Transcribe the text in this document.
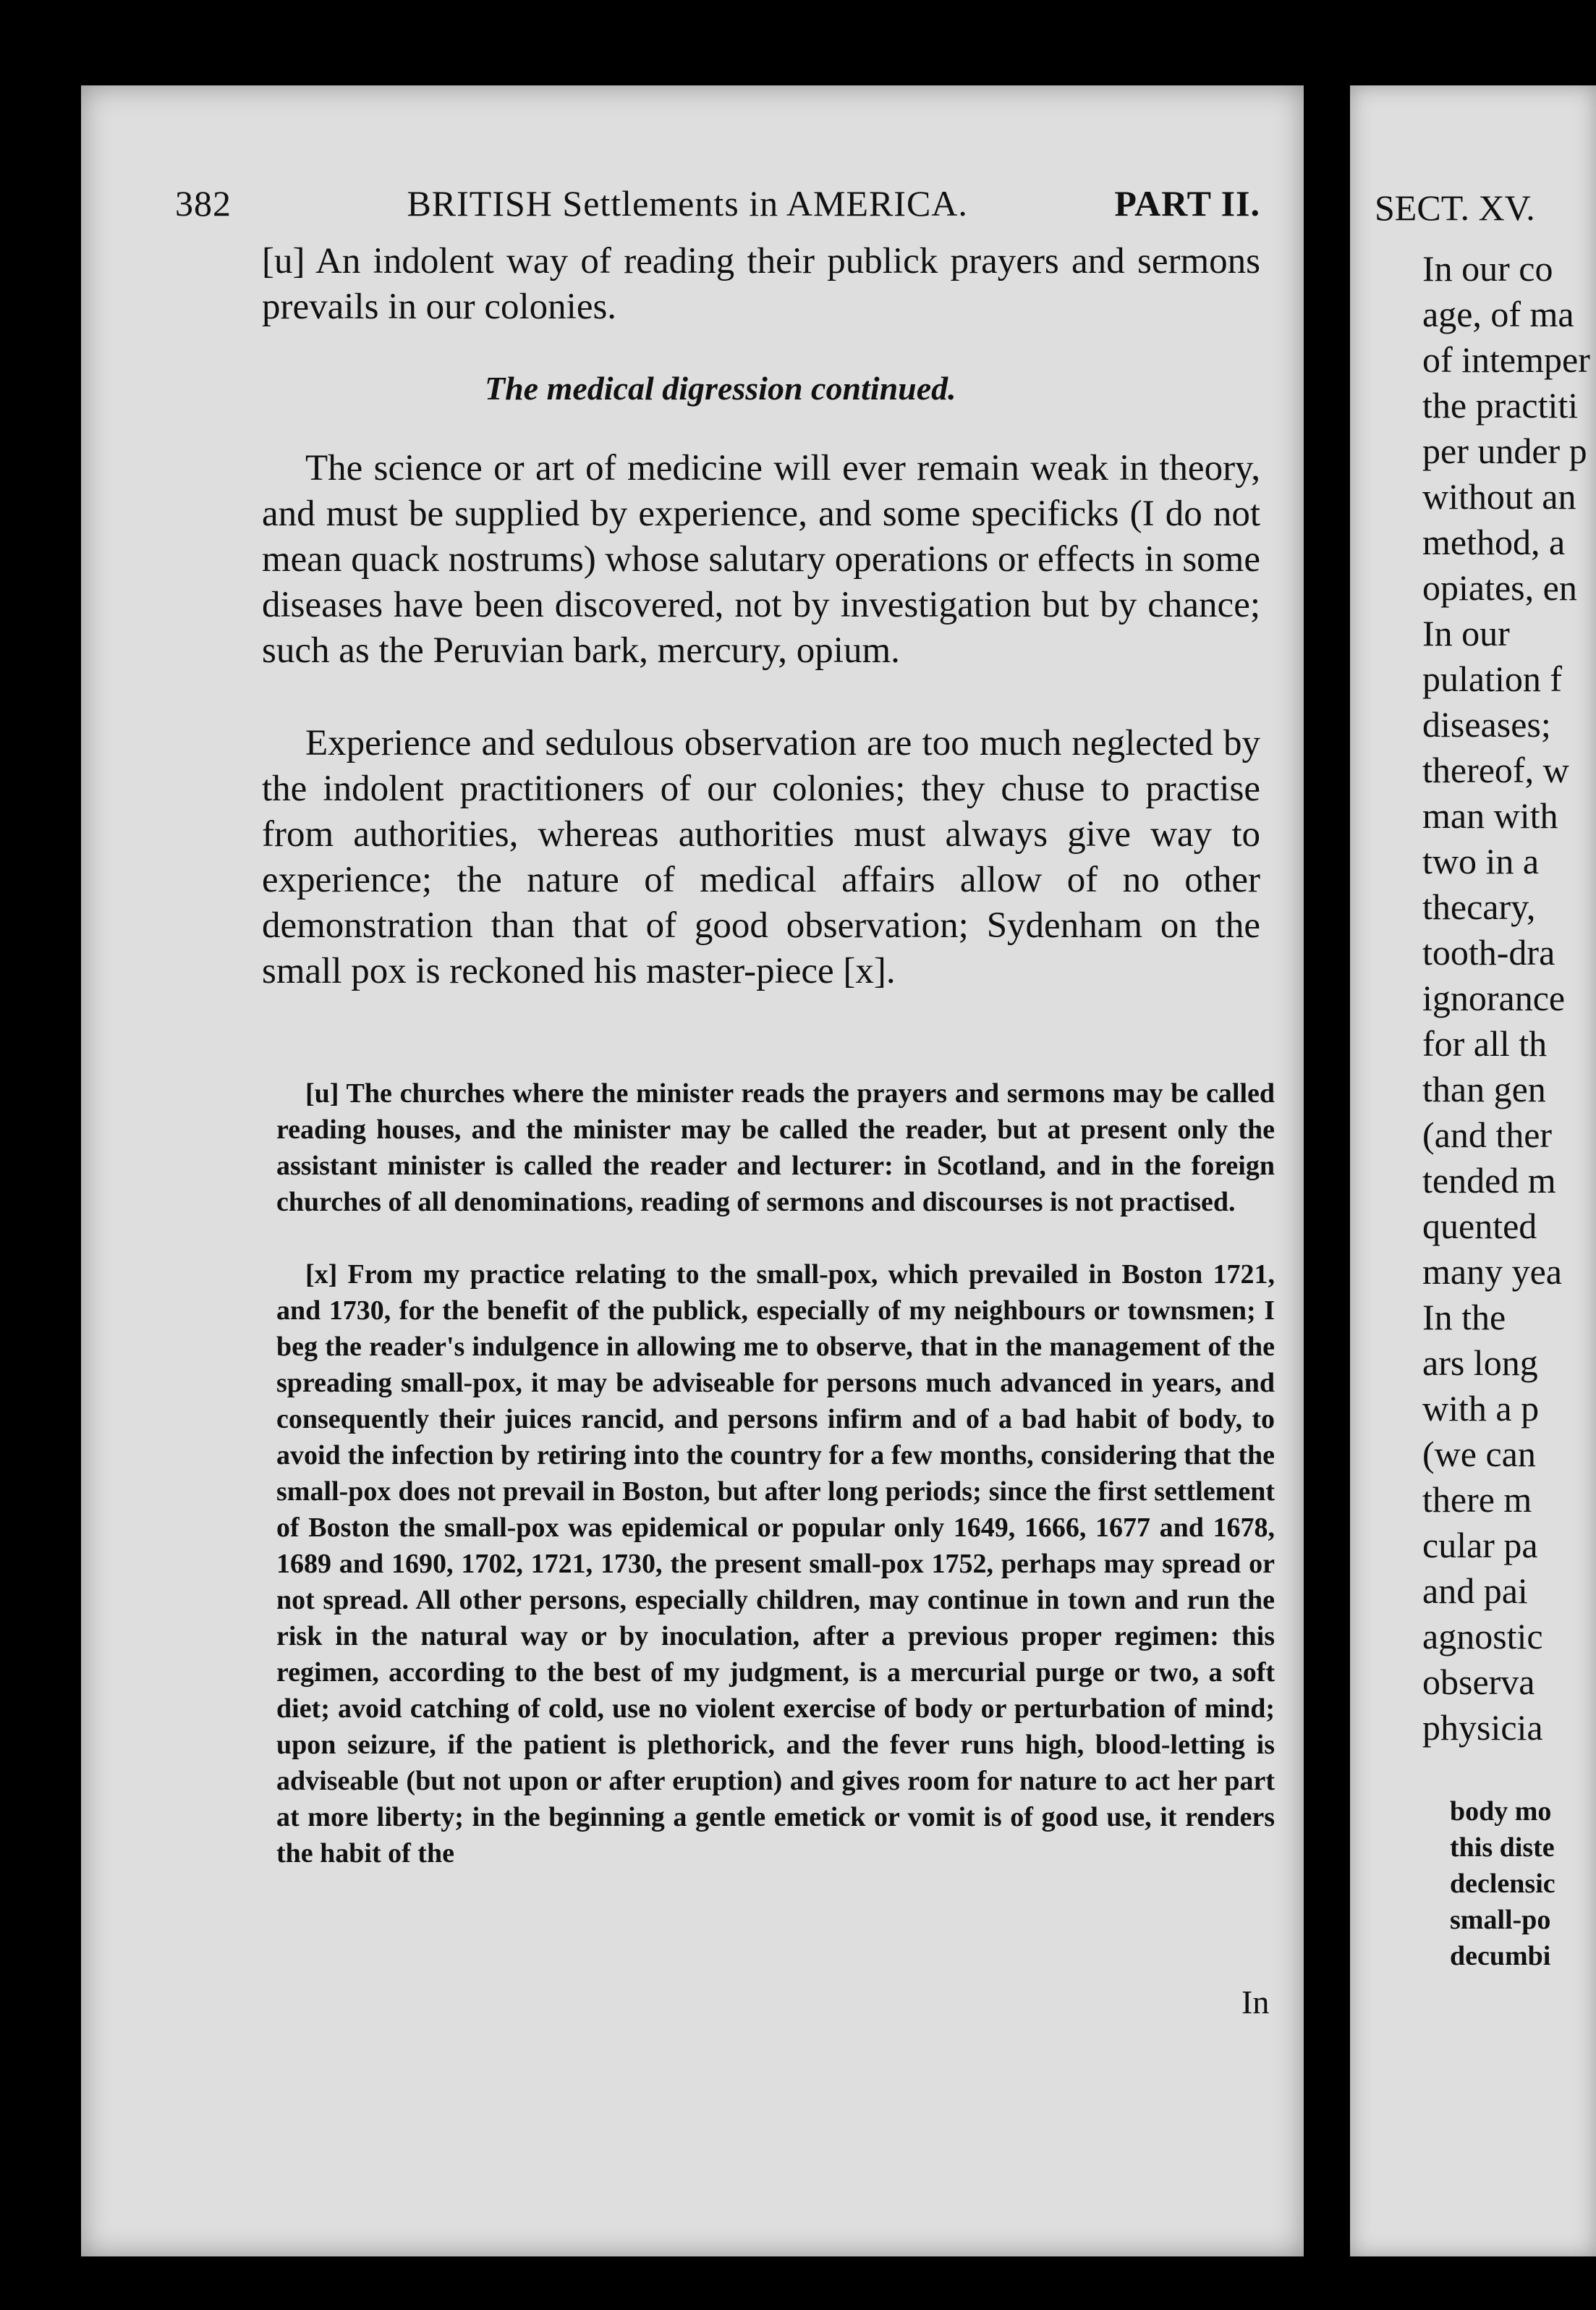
382	BRITISH Settlements in AMERICA.	PART II.
[u] An indolent way of reading their publick prayers and sermons prevails in our colonies.
The medical digression continued.
The science or art of medicine will ever remain weak in theory, and must be supplied by experience, and some specificks (I do not mean quack nostrums) whose salutary operations or effects in some diseases have been discovered, not by investigation but by chance; such as the Peruvian bark, mercury, opium.
Experience and sedulous observation are too much neglected by the indolent practitioners of our colonies; they chuse to practise from authorities, whereas authorities must always give way to experience; the nature of medical affairs allow of no other demonstration than that of good observation; Sydenham on the small pox is reckoned his master-piece [x].
[u] The churches where the minister reads the prayers and sermons may be called reading houses, and the minister may be called the reader, but at present only the assistant minister is called the reader and lecturer: in Scotland, and in the foreign churches of all denominations, reading of sermons and discourses is not practised.
[x] From my practice relating to the small-pox, which prevailed in Boston 1721, and 1730, for the benefit of the publick, especially of my neighbours or townsmen; I beg the reader's indulgence in allowing me to observe, that in the management of the spreading small-pox, it may be adviseable for persons much advanced in years, and consequently their juices rancid, and persons infirm and of a bad habit of body, to avoid the infection by retiring into the country for a few months, considering that the small-pox does not prevail in Boston, but after long periods; since the first settlement of Boston the small-pox was epidemical or popular only 1649, 1666, 1677 and 1678, 1689 and 1690, 1702, 1721, 1730, the present small-pox 1752, perhaps may spread or not spread. All other persons, especially children, may continue in town and run the risk in the natural way or by inoculation, after a previous proper regimen: this regimen, according to the best of my judgment, is a mercurial purge or two, a soft diet; avoid catching of cold, use no violent exercise of body or perturbation of mind; upon seizure, if the patient is plethorick, and the fever runs high, blood-letting is adviseable (but not upon or after eruption) and gives room for nature to act her part at more liberty; in the beginning a gentle emetick or vomit is of good use, it renders the habit of the
In
SECT. XV.
In our co
age, of ma
of intemper
the practiti
per under p
without an
method, a
opiates, en
In our
pulation f
diseases;
thereof, w
man with
two in a
thecary,
tooth-dra
ignorance
for all th
than gen
(and ther
tended m
quented
many yea
In the
ars long
with a p
(we can
there m
cular pa
and pai
agnostic
observa
physicia
body mo
this diste
declensic
small-po
decumbi
